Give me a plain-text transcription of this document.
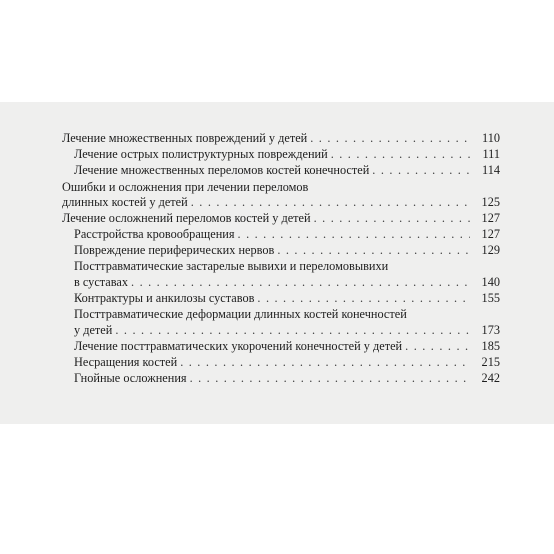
Лечение множественных повреждений у детей . . .	110
Лечение острых полиструктурных повреждений . . .	111
Лечение множественных переломов костей конечностей . . .	114
Ошибки и осложнения при лечении переломов
длинных костей у детей . . .	125
Лечение осложнений переломов костей у детей . . .	127
Расстройства кровообращения . . .	127
Повреждение периферических нервов . . .	129
Посттравматические застарелые вывихи и переломовывихи
в суставах . . .	140
Контрактуры и анкилозы суставов . . .	155
Посттравматические деформации длинных костей конечностей
у детей . . .	173
Лечение посттравматических укорочений конечностей у детей . . .	185
Несращения костей . . .	215
Гнойные осложнения . . .	242
